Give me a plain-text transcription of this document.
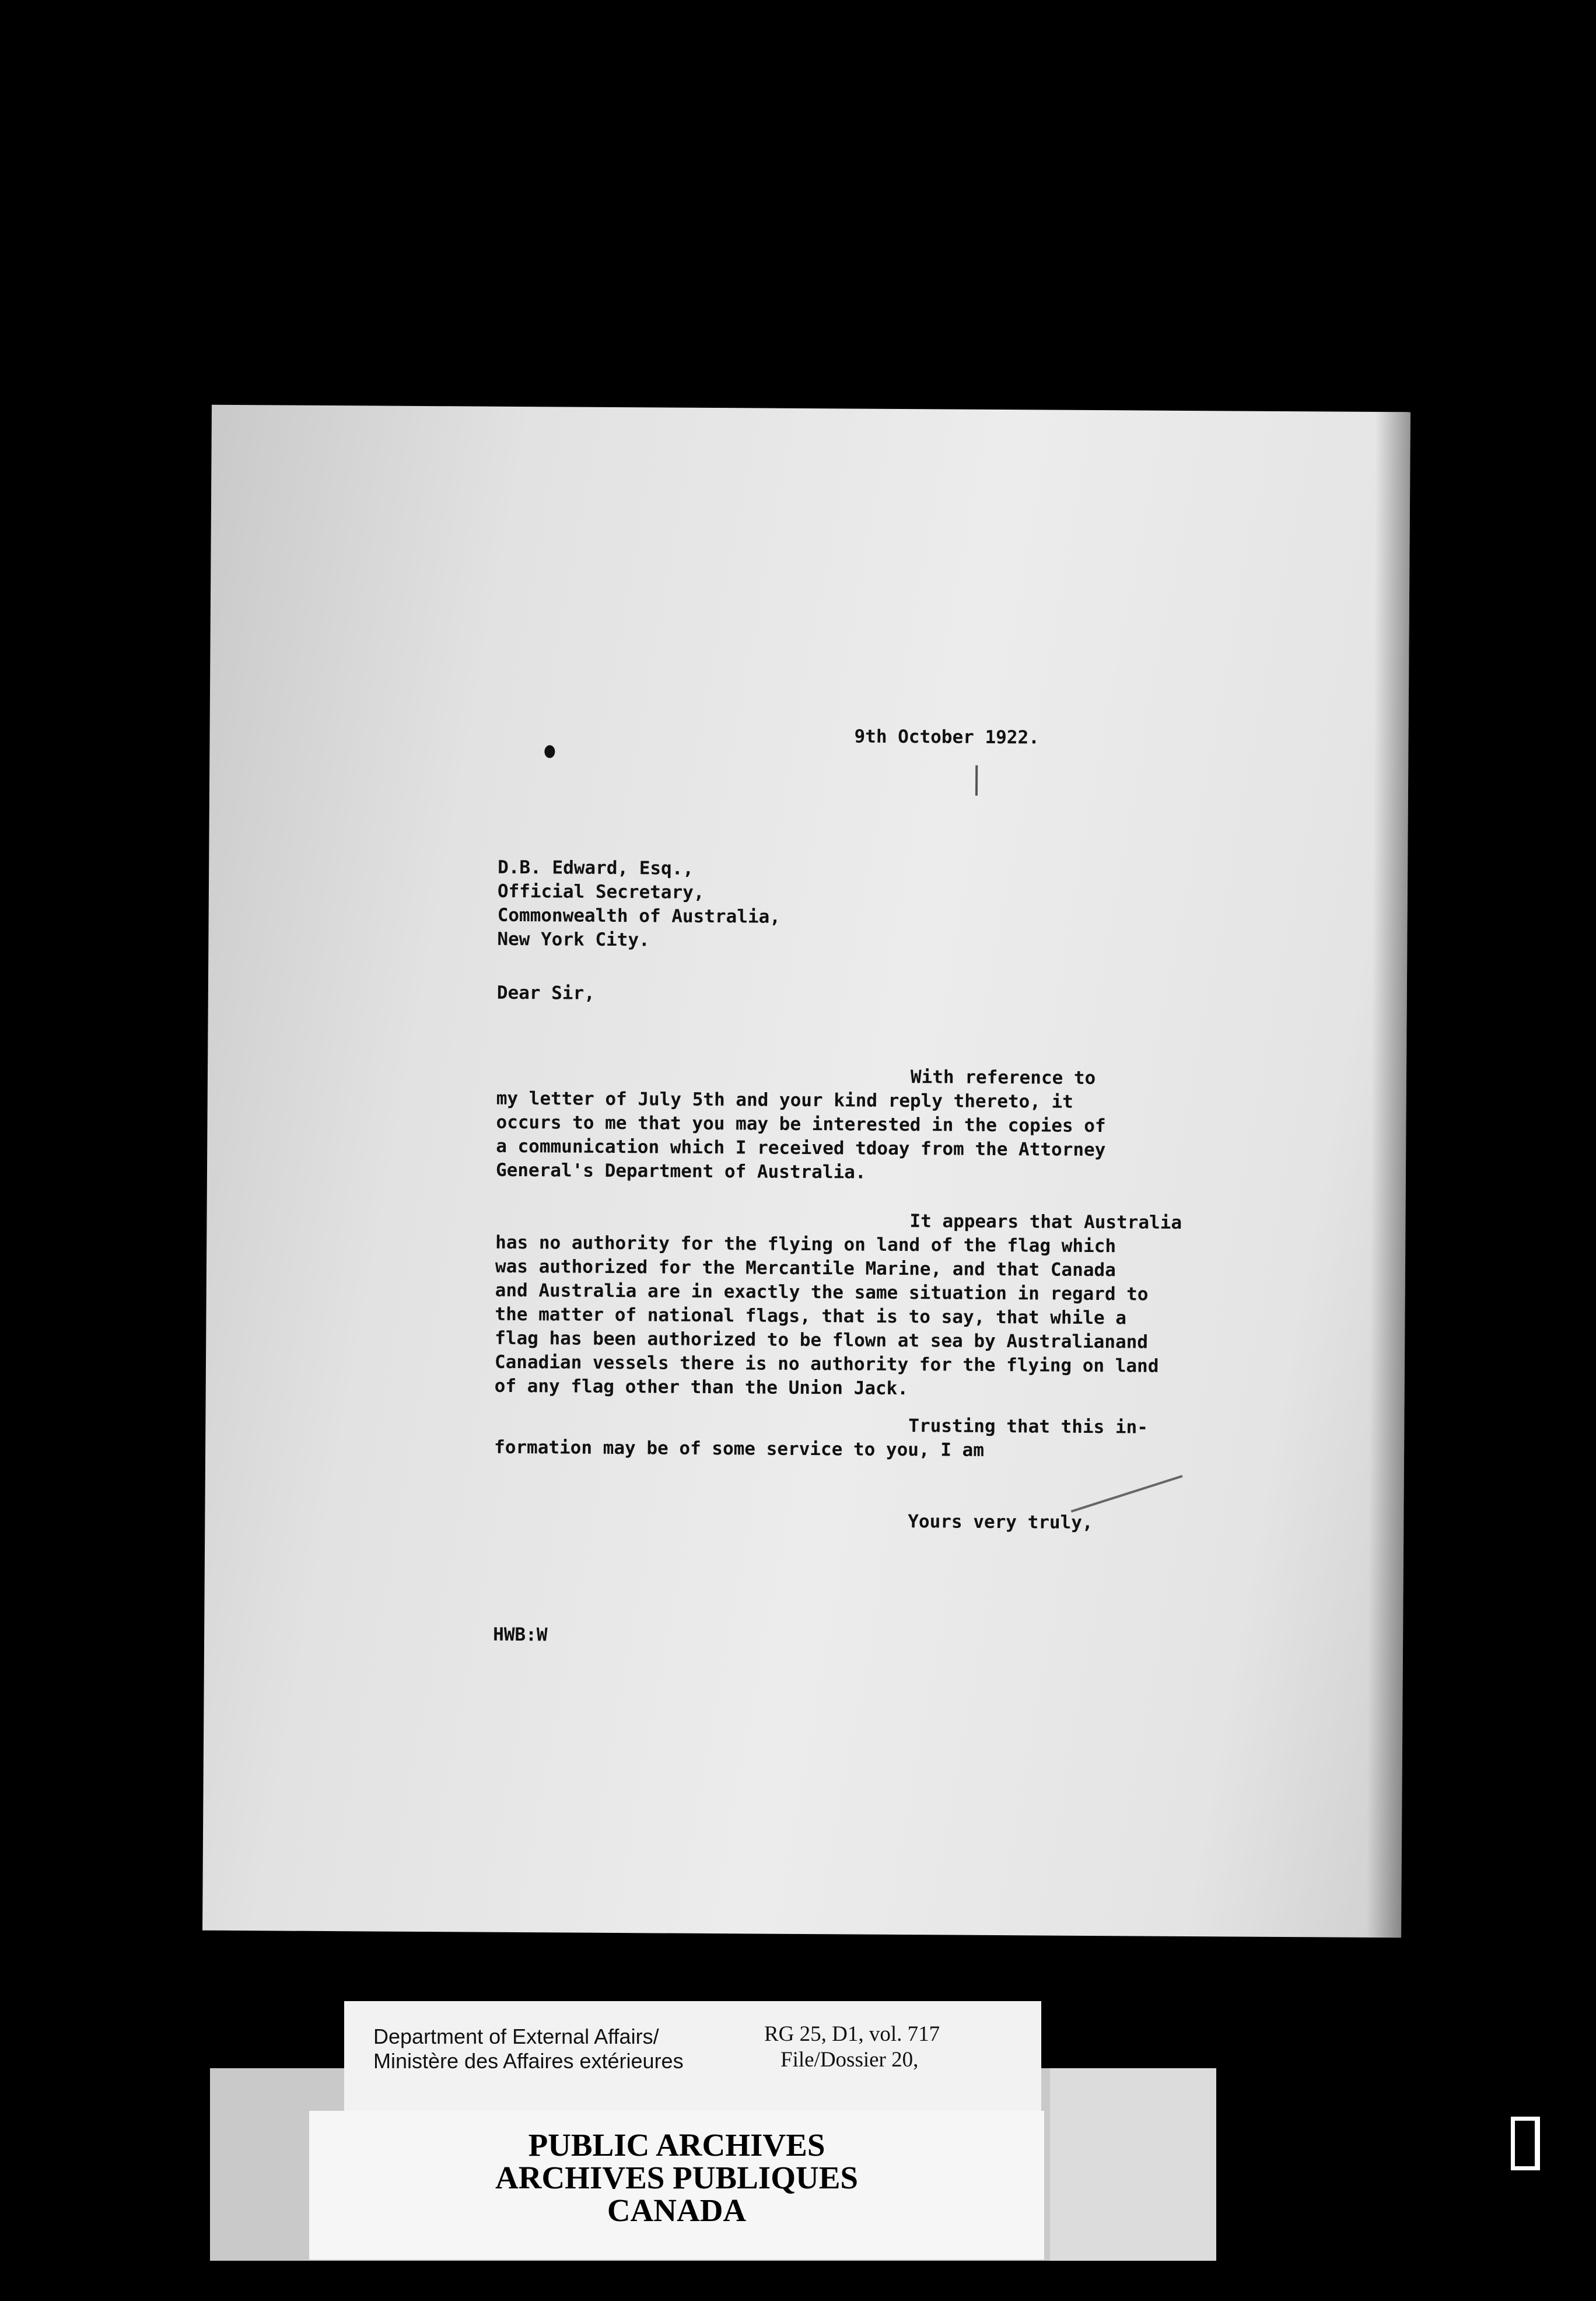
9th October 1922.
D.B. Edward, Esq.,
Official Secretary,
Commonwealth of Australia,
New York City.
Dear Sir,
With reference to
my letter of July 5th and your kind reply thereto, it
occurs to me that you may be interested in the copies of
a communication which I received tdoay from the Attorney
General's Department of Australia.
It appears that Australia
has no authority for the flying on land of the flag which
was authorized for the Mercantile Marine, and that Canada
and Australia are in exactly the same situation in regard to
the matter of national flags, that is to say, that while a
flag has been authorized to be flown at sea by Australianand
Canadian vessels there is no authority for the flying on land
of any flag other than the Union Jack.
Trusting that this in-
formation may be of some service to you, I am
Yours very truly,
HWB:W
Department of External Affairs/
Ministère des Affaires extérieures
RG 25, D1, vol. 717
File/Dossier 20,
PUBLIC ARCHIVES
ARCHIVES PUBLIQUES
CANADA
